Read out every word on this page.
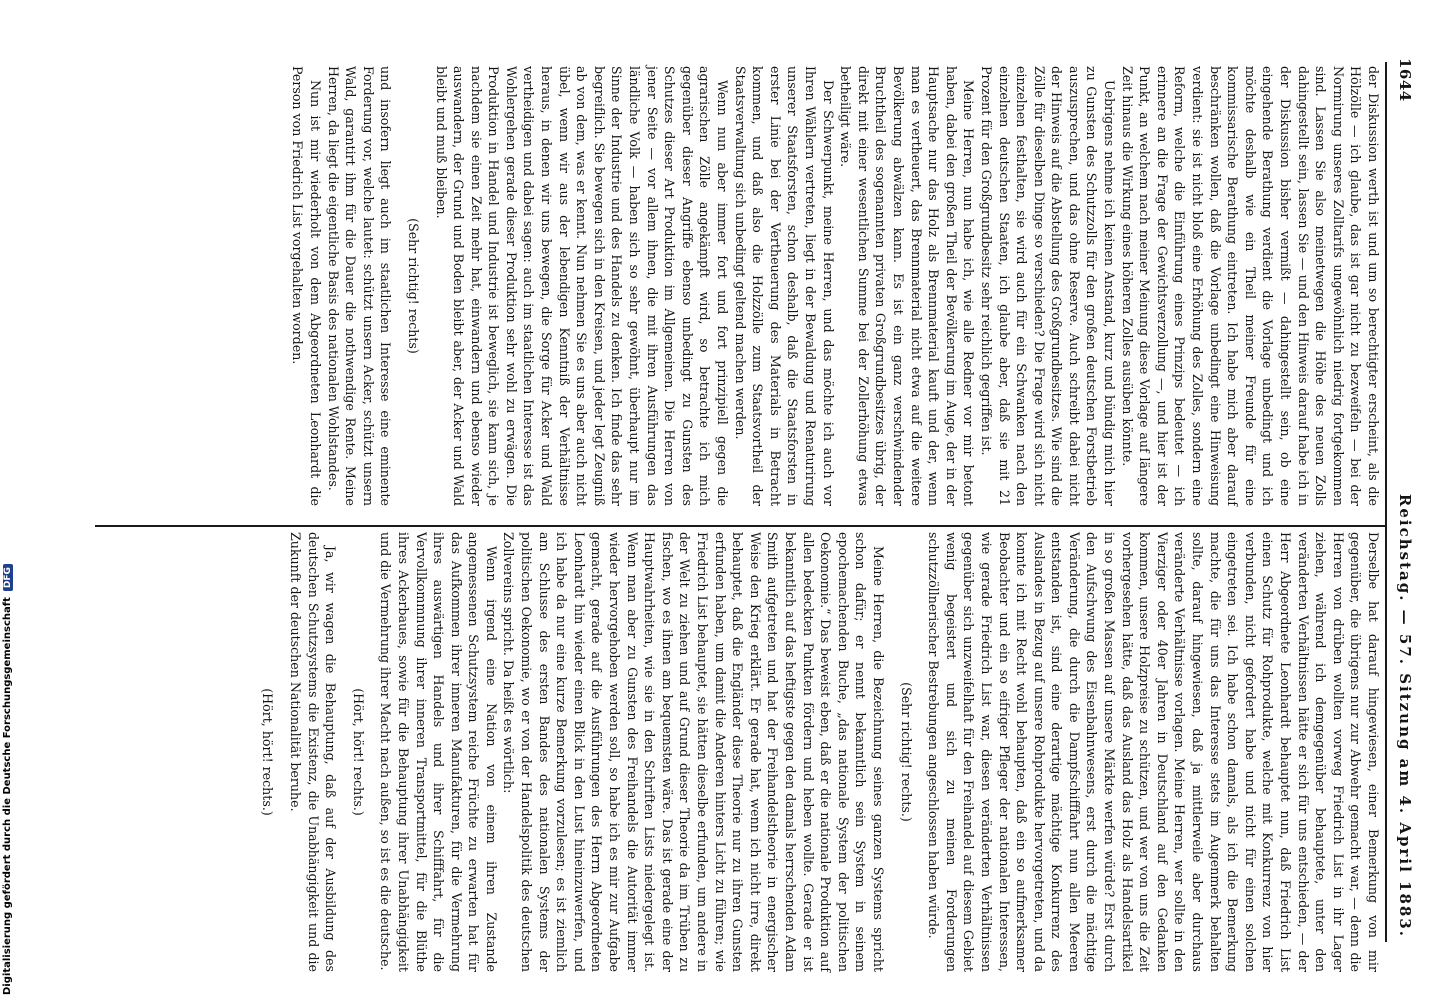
1644
Reichstag. — 57. Sitzung am 4. April 1883.

der Diskussion werth ist und um so berechtigter erscheint, als die Hölzölle — ich glaube, das ist gar nicht zu bezweifeln — bei der Normirung unseres Zolltarifs ungewöhnlich niedrig fortgekommen sind. Lassen Sie also meinetwegen die Höhe des neuen Zolls dahingestellt sein, lassen Sie — und den Hinweis darauf habe ich in der Diskussion bisher vermißt — dahingestellt sein, ob eine eingehende Berathung verdient die Vorlage unbedingt und ich möchte deshalb wie ein Theil meiner Freunde für eine kommissarische Berathung eintreten. Ich habe mich aber darauf beschränken wollen, daß die Vorlage unbedingt eine Hinweisung verdient: sie ist nicht bloß eine Erhöhung des Zolles, sondern eine Reform, welche die Einführung eines Prinzips bedeutet — ich erinnere an die Frage der Gewichtsverzollung —, und hier ist der Punkt, an welchem nach meiner Meinung diese Vorlage auf längere Zeit hinaus die Wirkung eines höheren Zolles ausüben könnte.

Uebrigens nehme ich keinen Anstand, kurz und bündig mich hier zu Gunsten des Schutzzolls für den großen deutschen Forstbetrieb auszusprechen, und das ohne Reserve. Auch schreibt dabei nicht der Hinweis auf die Abstellung des Großgrundbesitzes. Wie sind die Zölle für dieselben Dinge so verschieden? Die Frage wird sich nicht einzelnen festhalten, sie wird auch für ein Schwanken nach den einzelnen deutschen Staaten, ich glaube aber, daß sie mit 21 Prozent für den Großgrundbesitz sehr reichlich gegriffen ist.

Meine Herren, nun habe ich, wie alle Redner vor mir betont haben, dabei den großen Theil der Bevölkerung im Auge, der in der Hauptsache nur das Holz als Brennmaterial kauft und der, wenn man es vertheuert, das Brennmaterial nicht etwa auf die weitere Bevölkerung abwälzen kann. Es ist ein ganz verschwindender Bruchtheil des sogenannten privaten Großgrundbesitzes übrig, der direkt mit einer wesentlichen Summe bei der Zollerhöhung etwas betheiligt wäre.

Der Schwerpunkt, meine Herren, und das möchte ich auch vor Ihren Wählern vertreten, liegt in der Bewaldung und Renaturirung unserer Staatsforsten, schon deshalb, daß die Staatsforsten in erster Linie bei der Vertheuerung des Materials in Betracht kommen, und daß also die Holzzölle zum Staatsvortheil der Staatsverwaltung sich unbedingt geltend machen werden.

Wenn nun aber immer fort und fort prinzipiell gegen die agrarischen Zölle angekämpft wird, so betrachte ich mich gegenüber dieser Angriffe ebenso unbedingt zu Gunsten des Schutzes dieser Art Produktion im Allgemeinen. Die Herren von jener Seite — vor allem ihnen, die mit ihren Ausführungen das ländliche Volk — haben sich so sehr gewöhnt, überhaupt nur im Sinne der Industrie und des Handels zu denken. Ich finde das sehr begreiflich. Sie bewegen sich in den Kreisen, und jeder legt Zeugniß ab von dem, was er kennt. Nun nehmen Sie es uns aber auch nicht übel, wenn wir aus der lebendigen Kenntniß der Verhältnisse heraus, in denen wir uns bewegen, die Sorge für Acker und Wald vertheidigen und dabei sagen: auch im staatlichen Interesse ist das Wohlergehen gerade dieser Produktion sehr wohl zu erwägen. Die Produktion in Handel und Industrie ist beweglich, sie kann sich, je nachdem sie einen Zeit mehr hat, einwandern und ebenso wieder auswandern, der Grund und Boden bleibt aber, der Acker und Wald bleibt und muß bleiben.

(Sehr richtig! rechts)

und insofern liegt auch im staatlichen Interesse eine eminente Forderung vor, welche lautet: schützt unsern Acker, schützt unsern Wald, garantirt ihm für die Dauer die nothwendige Rente. Meine Herren, da liegt die eigentliche Basis des nationalen Wohlstandes.

Nun ist mir wiederholt von dem Abgeordneten Leonhardt die Person von Friedrich List vorgehalten worden.

Derselbe hat darauf hingewiesen, einer Bemerkung von mir gegenüber, die übrigens nur zur Abwehr gemacht war, — denn die Herren von drüben wollten vorweg Friedrich List in ihr Lager ziehen, während ich demgegenüber behauptete, unter den veränderten Verhältnissen hätte er sich für uns entschieden, — der Herr Abgeordnete Leonhardt behauptet nun, daß Friedrich List einen Schutz für Rohprodukte, welche mit Konkurrenz von hier verbunden, nicht gefordert habe und nicht für einen solchen eingetreten sei. Ich habe schon damals, als ich die Bemerkung machte, die für uns das Interesse stets im Augenmerk behalten sollte, darauf hingewiesen, daß ja mittlerweile aber durchaus veränderte Verhältnisse vorlagen. Meine Herren, wer sollte in den Vierziger oder 40er Jahren in Deutschland auf den Gedanken kommen, unsere Holzpreise zu schützen, und wer von uns die Zeit vorhergesehen hätte, daß das Ausland das Holz als Handelsartikel in so großen Massen auf unsere Märkte werfen würde? Erst durch den Aufschwung des Eisenbahnwesens, erst durch die mächtige Veränderung, die durch die Dampfschifffahrt nun allen Meeren entstanden ist, sind eine derartige mächtige Konkurrenz des Auslandes in Bezug auf unsere Rohprodukte hervorgetreten, und da konnte ich mit Recht wohl behaupten, daß ein so aufmerksamer Beobachter und ein so eifriger Pfleger der nationalen Interessen, wie gerade Friedrich List war, diesen veränderten Verhältnissen gegenüber sich unzweifelhaft für den Freihandel auf diesem Gebiet wenig begeistert und sich zu meinen Forderungen schutzzöllnerischer Bestrebungen angeschlossen haben würde.

(Sehr richtig! rechts.)

Meine Herren, die Bezeichnung seines ganzen Systems spricht schon dafür; er nennt bekanntlich sein System in seinem epochemachenden Buche, „das nationale System der politischen Oekonomie.“ Das beweist eben, daß er die nationale Produktion auf allen bedeckten Punkten fördern und heben wollte. Gerade er ist bekanntlich auf das heftigste gegen den damals herrschenden Adam Smith aufgetreten und hat der Freihandelstheorie in energischer Weise den Krieg erklärt. Er gerade hat, wenn ich nicht irre, direkt behauptet, daß die Engländer diese Theorie nur zu ihren Gunsten erfunden haben, um damit die Anderen hinters Licht zu führen; wie Friedrich List behauptet, sie hätten dieselbe erfunden, um andere in der Welt zu ziehen und auf Grund dieser Theorie da im Trüben zu fischen, wo es ihnen am bequemsten wäre. Das ist gerade eine der Hauptwahrheiten, wie sie in den Schriften Lists niedergelegt ist. Wenn man aber zu Gunsten des Freihandels die Autorität immer wieder hervorgehoben werden soll, so habe ich es mir zur Aufgabe gemacht, gerade auf die Ausführungen des Herrn Abgeordneten Leonhardt hin wieder einen Blick in den Lust hineinzuwerfen, und ich habe da nur eine kurze Bemerkung vorzulesen; es ist ziemlich am Schlusse des ersten Bandes des nationalen Systems der politischen Oekonomie, wo er von der Handelspolitik des deutschen Zollvereins spricht. Da heißt es wörtlich:

Wenn irgend eine Nation von einem ihren Zustande angemessenen Schutzsystem reiche Früchte zu erwarten hat für das Aufkommen ihrer inneren Manufakturen, für die Vermehrung ihres auswärtigen Handels und ihrer Schifffahrt, für die Vervollkommnung ihrer inneren Transportmittel, für die Blüthe ihres Ackerbaues, sowie für die Behauptung ihrer Unabhängigkeit und die Vermehrung ihrer Macht nach außen, so ist es die deutsche.

(Hört, hört! rechts.)

Ja, wir wagen die Behauptung, daß auf der Ausbildung des deutschen Schutzsystems die Existenz, die Unabhängigkeit und die Zukunft der deutschen Nationalität beruhe.

(Hört, hört! rechts.)

Digitalisierung gefördert durch die Deutsche Forschungsgemeinschaft
DFG
